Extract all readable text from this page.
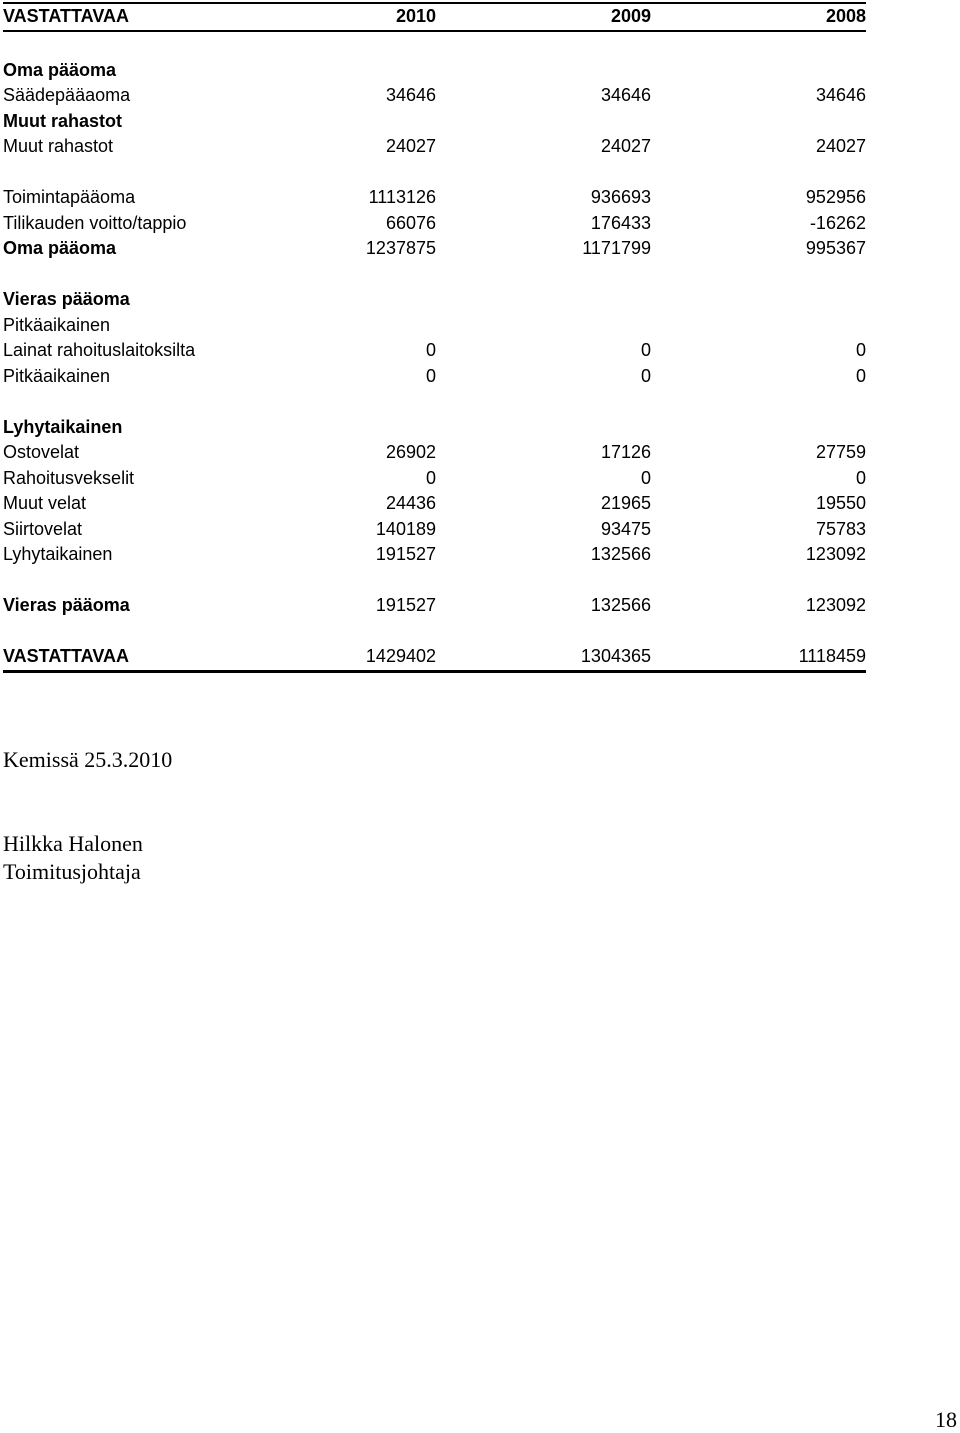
VASTATTAVAA	2010	2009	2008

Oma pääoma			
Säädepääaoma	34646	34646	34646
Muut rahastot			
Muut rahastot	24027	24027	24027

Toimintapääoma	1113126	936693	952956
Tilikauden voitto/tappio	66076	176433	-16262
Oma pääoma	1237875	1171799	995367

Vieras pääoma			
Pitkäaikainen			
Lainat rahoituslaitoksilta	0	0	0
Pitkäaikainen	0	0	0

Lyhytaikainen			
Ostovelat	26902	17126	27759
Rahoitusvekselit	0	0	0
Muut velat	24436	21965	19550
Siirtovelat	140189	93475	75783
Lyhytaikainen	191527	132566	123092

Vieras pääoma	191527	132566	123092

VASTATTAVAA	1429402	1304365	1118459

Kemissä 25.3.2010

Hilkka Halonen
Toimitusjohtaja
18
